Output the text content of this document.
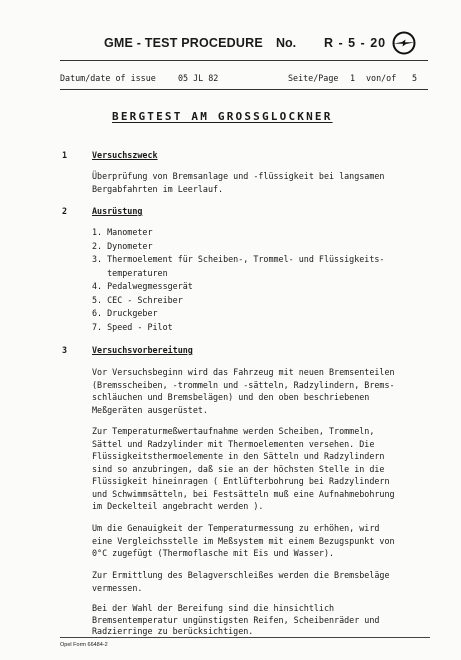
GME - TEST PROCEDURE No. R - 5 - 20
Datum/date of issue	05 JL 82	Seite/Page 1 von/of 5
BERGTEST AM GROSSGLOCKNER
1	Versuchszweck
Überprüfung von Bremsanlage und -flüssigkeit bei langsamen
Bergabfahrten im Leerlauf.
2	Ausrüstung
1. Manometer
2. Dynometer
3. Thermoelement für Scheiben-, Trommel- und Flüssigkeits-
temperaturen
4. Pedalwegmessgerät
5. CEC - Schreiber
6. Druckgeber
7. Speed - Pilot
3	Versuchsvorbereitung
Vor Versuchsbeginn wird das Fahrzeug mit neuen Bremsenteilen
(Bremsscheiben, -trommeln und -sätteln, Radzylindern, Brems-
schläuchen und Bremsbelägen) und den oben beschriebenen
Meßgeräten ausgerüstet.
Zur Temperaturmeßwertaufnahme werden Scheiben, Trommeln,
Sättel und Radzylinder mit Thermoelementen versehen. Die
Flüssigkeitsthermoelemente in den Sätteln und Radzylindern
sind so anzubringen, daß sie an der höchsten Stelle in die
Flüssigkeit hineinragen ( Entlüfterbohrung bei Radzylindern
und Schwimmsätteln, bei Festsätteln muß eine Aufnahmebohrung
im Deckelteil angebracht werden ).
Um die Genauigkeit der Temperaturmessung zu erhöhen, wird
eine Vergleichsstelle im Meßsystem mit einem Bezugspunkt von
0°C zugefügt (Thermoflasche mit Eis und Wasser).
Zur Ermittlung des Belagverschleißes werden die Bremsbeläge
vermessen.
Bei der Wahl der Bereifung sind die hinsichtlich
Bremsentemperatur ungünstigsten Reifen, Scheibenräder und
Radzierringe zu berücksichtigen.
Opel Form 66484-2
